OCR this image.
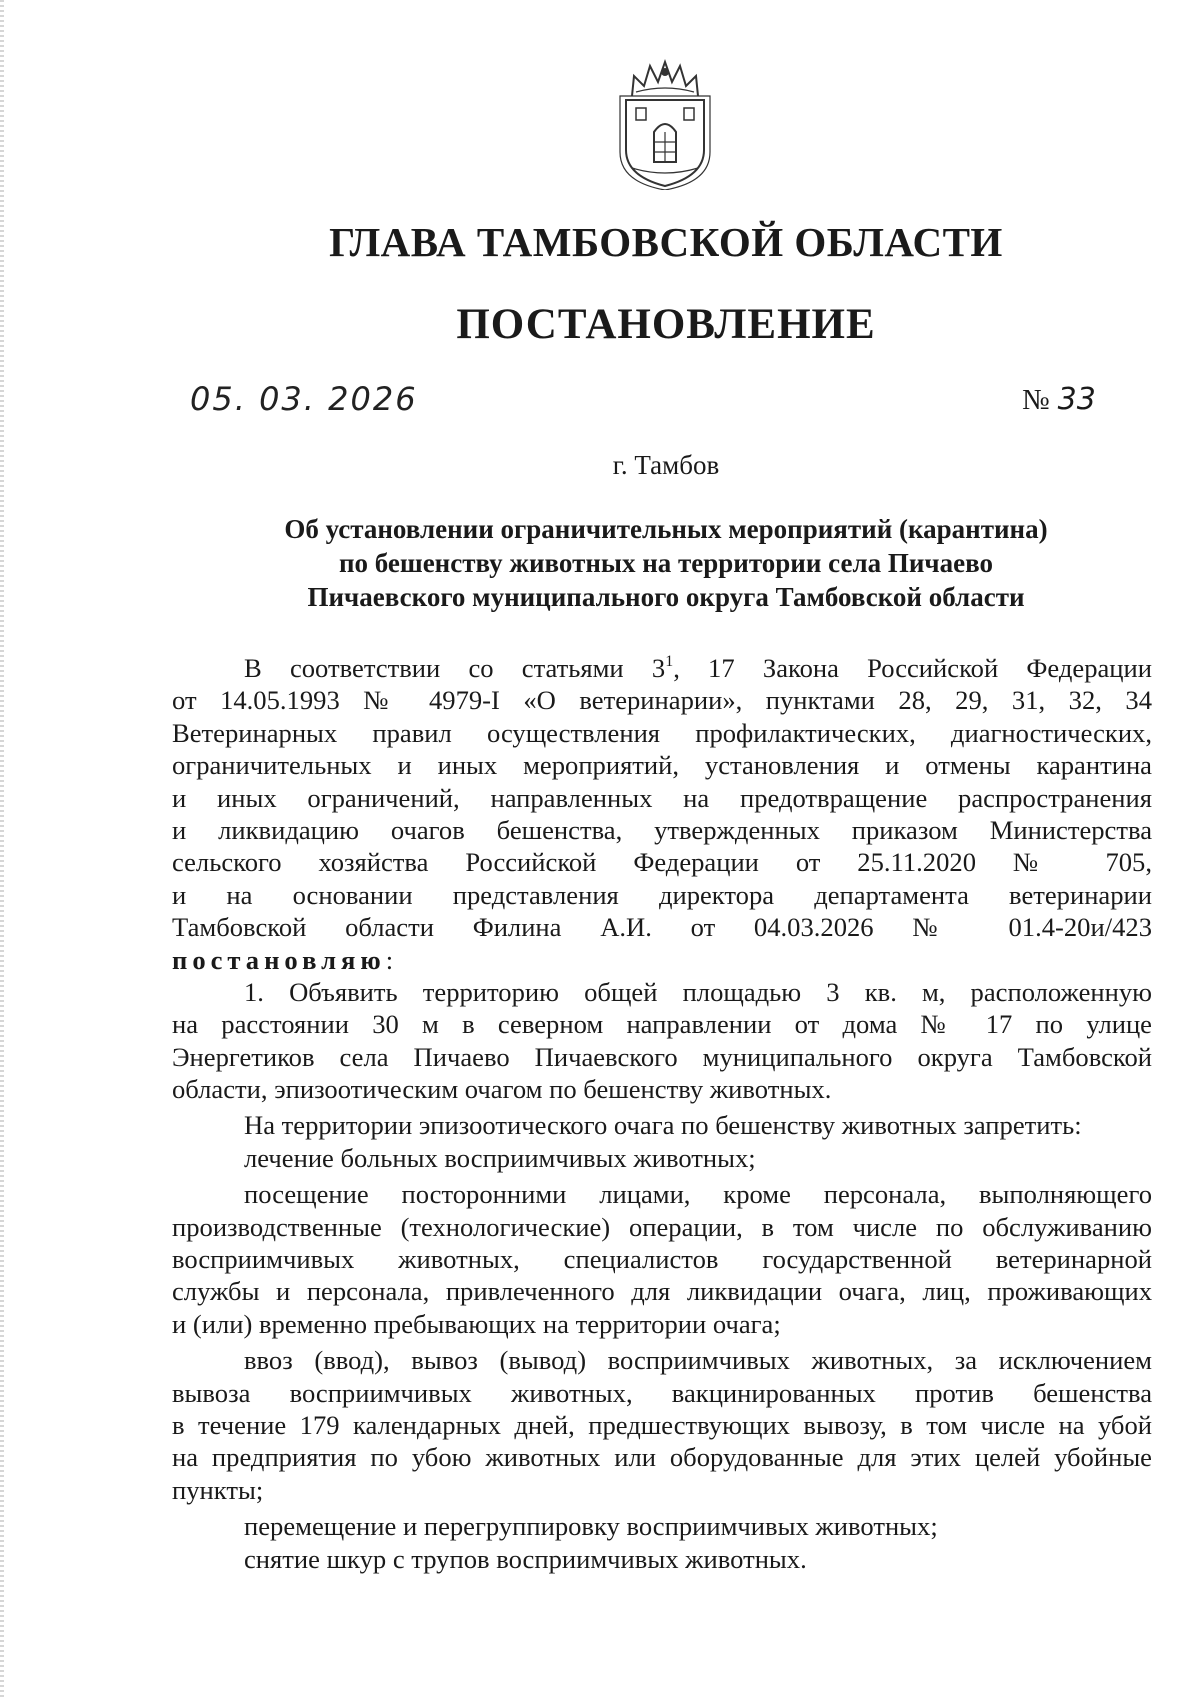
ГЛАВА ТАМБОВСКОЙ ОБЛАСТИ
ПОСТАНОВЛЕНИЕ
05. 03. 2026	№ 33
г. Тамбов
Об установлении ограничительных мероприятий (карантина)
по бешенству животных на территории села Пичаево
Пичаевского муниципального округа Тамбовской области
В соответствии со статьями $3^1$, 17 Закона Российской Федерации
от 14.05.1993 № 4979-I «О ветеринарии», пунктами 28, 29, 31, 32, 34
Ветеринарных правил осуществления профилактических, диагностических,
ограничительных и иных мероприятий, установления и отмены карантина
и иных ограничений, направленных на предотвращение распространения
и ликвидацию очагов бешенства, утвержденных приказом Министерства
сельского хозяйства Российской Федерации от 25.11.2020 № 705,
и на основании представления директора департамента ветеринарии
Тамбовской области Филина А.И. от 04.03.2026 № 01.4-20и/423
постановляю:
1. Объявить территорию общей площадью 3 кв. м, расположенную
на расстоянии 30 м в северном направлении от дома № 17 по улице
Энергетиков села Пичаево Пичаевского муниципального округа Тамбовской
области, эпизоотическим очагом по бешенству животных.
На территории эпизоотического очага по бешенству животных запретить:
лечение больных восприимчивых животных;
посещение посторонними лицами, кроме персонала, выполняющего
производственные (технологические) операции, в том числе по обслуживанию
восприимчивых животных, специалистов государственной ветеринарной
службы и персонала, привлеченного для ликвидации очага, лиц, проживающих
и (или) временно пребывающих на территории очага;
ввоз (ввод), вывоз (вывод) восприимчивых животных, за исключением
вывоза восприимчивых животных, вакцинированных против бешенства
в течение 179 календарных дней, предшествующих вывозу, в том числе на убой
на предприятия по убою животных или оборудованные для этих целей убойные
пункты;
перемещение и перегруппировку восприимчивых животных;
снятие шкур с трупов восприимчивых животных.
